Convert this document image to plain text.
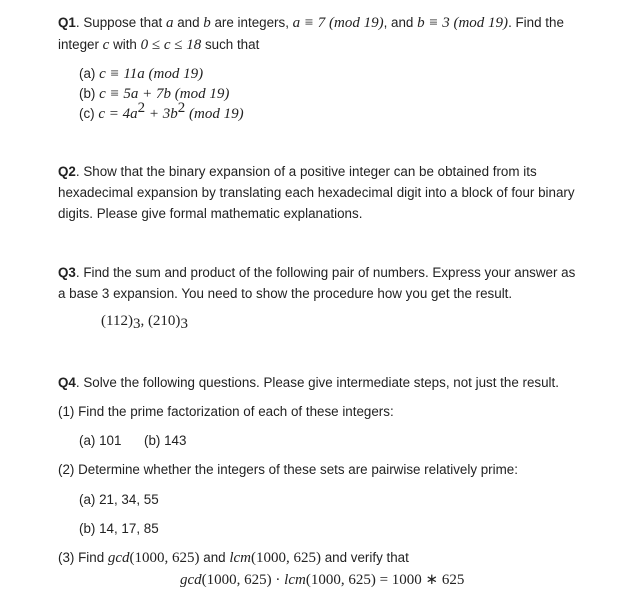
Q1. Suppose that a and b are integers, a ≡ 7 (mod 19), and b ≡ 3 (mod 19). Find the
integer c with 0 ≤ c ≤ 18 such that
(a) c ≡ 11a (mod 19)
(b) c ≡ 5a + 7b (mod 19)
(c) $c = 4a^2 + 3b^2$ (mod 19)
Q2. Show that the binary expansion of a positive integer can be obtained from its
hexadecimal expansion by translating each hexadecimal digit into a block of four binary
digits. Please give formal mathematic explanations.
Q3. Find the sum and product of the following pair of numbers. Express your answer as
a base 3 expansion. You need to show the procedure how you get the result.
$(112)_3$, $(210)_3$
Q4. Solve the following questions. Please give intermediate steps, not just the result.
(1) Find the prime factorization of each of these integers:
(a) 101 (b) 143
(2) Determine whether the integers of these sets are pairwise relatively prime:
(a) 21, 34, 55
(b) 14, 17, 85
(3) Find gcd(1000, 625) and lcm(1000, 625) and verify that
gcd(1000, 625) · lcm(1000, 625) = 1000 ∗ 625
